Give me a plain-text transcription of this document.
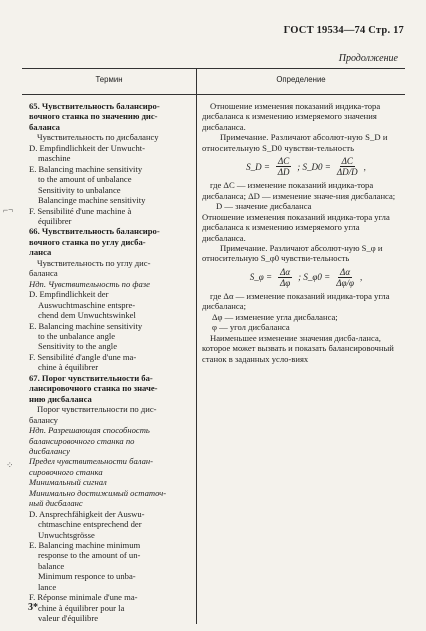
ГОСТ 19534—74 Стр. 17
Продолжение
Термин	Определение
65. Чувствительность балансиро-
вочного станка по значению дис-
баланса
Чувствительность по дисбалансу
D. Empfindlichkeit der Unwucht-
maschine
E. Balancing machine sensitivity
to the amount of unbalance
Sensitivity to unbalance
Balancinge machine sensitivity
F. Sensibilité d'une machine à
équilibrer
66. Чувствительность балансиро-
вочного станка по углу дисба-
ланса
Чувствительность по углу дис-
баланса
Ндп. Чувствительность по фазе
D. Empfindlichkeit der
Auswuchtmaschine entspre-
chend dem Unwuchtswinkel
E. Balancing machine sensitivity
to the unbalance angle
Sensitivity to the angle
F. Sensibilité d'angle d'une ma-
chine à équilibrer
67. Порог чувствительности ба-
лансировочного станка по значе-
нию дисбаланса
Порог чувствительности по дис-
балансу
Ндп. Разрешающая способность
балансировочного станка по
дисбалансу
Предел чувствительности балан-
сировочного станка
Минимальный сигнал
Минимально достижимый остаточ-
ный дисбаланс
D. Ansprechfähigkeit der Auswu-
chtmaschine entsprechend der
Unwuchtsgrösse
E. Balancing machine minimum
response to the amount of un-
balance
Minimum responce to unba-
lance
F. Réponse minimale d'une ma-
chine à équilibrer pour la
valeur d'équilibre
Отношение изменения показаний индика-тора дисбаланса к изменению измеряемого значения дисбаланса.
Примечание. Различают абсолют-ную S_D и относительную S_D0 чувстви-тельность
S_D = $\frac{\Delta C}{\Delta D}$ ; S_D0 = $\frac{\Delta C}{\Delta D/D}$ ,
где ΔC — изменение показаний индика-тора дисбаланса; ΔD — изменение значе-ния дисбаланса;
D — значение дисбаланса
Отношение изменения показаний индика-тора угла дисбаланса к изменению измеряемого угла дисбаланса.
Примечание. Различают абсолют-ную S_φ и относительную S_φ0 чувстви-тельность
S_φ = $\frac{\Delta\alpha}{\Delta\varphi}$ ; S_φ0 = $\frac{\Delta\alpha}{\Delta\varphi/\varphi}$ ,
где Δα — изменение показаний индика-тора угла дисбаланса;
Δφ — изменение угла дисбаланса;
φ — угол дисбаланса
Наименьшее изменение значения дисба-ланса, которое может вызвать и показать балансировочный станок в заданных усло-виях
⌐¬
⁘
3*
